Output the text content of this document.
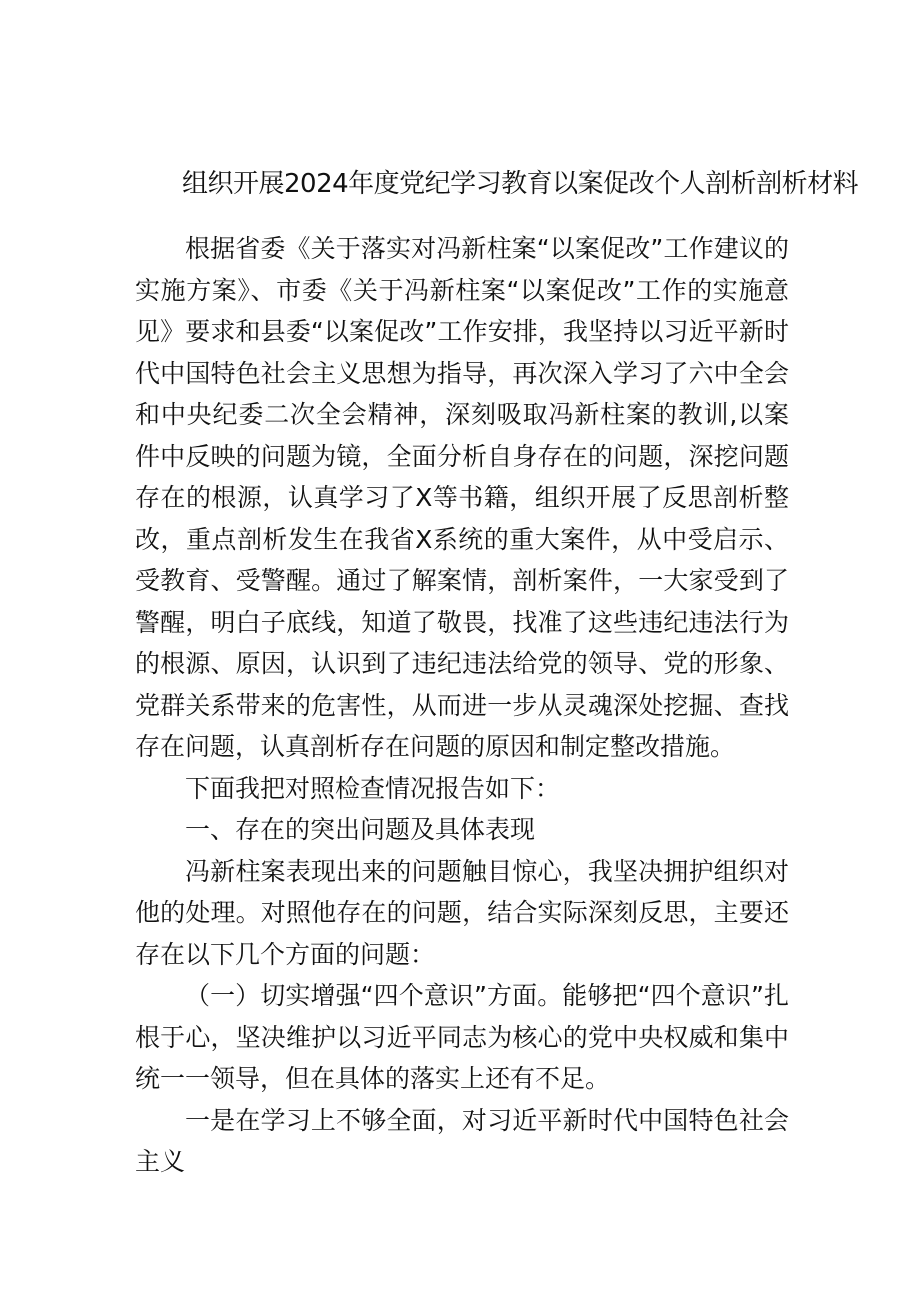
组织开展2024年度党纪学习教育以案促改个人剖析剖析材料

根据省委《关于落实对冯新柱案“以案促改”工作建议的实施方案》、市委《关于冯新柱案“以案促改”工作的实施意见》要求和县委“以案促改”工作安排，我坚持以习近平新时代中国特色社会主义思想为指导，再次深入学习了六中全会和中央纪委二次全会精神，深刻吸取冯新柱案的教训,以案件中反映的问题为镜，全面分析自身存在的问题，深挖问题存在的根源，认真学习了X等书籍，组织开展了反思剖析整改，重点剖析发生在我省X系统的重大案件，从中受启示、受教育、受警醒。通过了解案情，剖析案件，一大家受到了警醒，明白子底线，知道了敬畏，找准了这些违纪违法行为的根源、原因，认识到了违纪违法给党的领导、党的形象、党群关系带来的危害性，从而进一步从灵魂深处挖掘、查找存在问题，认真剖析存在问题的原因和制定整改措施。

下面我把对照检查情况报告如下：

一、存在的突出问题及具体表现

冯新柱案表现出来的问题触目惊心，我坚决拥护组织对他的处理。对照他存在的问题，结合实际深刻反思，主要还存在以下几个方面的问题：

（一）切实增强“四个意识”方面。能够把“四个意识”扎根于心，坚决维护以习近平同志为核心的党中央权威和集中统一一领导，但在具体的落实上还有不足。

一是在学习上不够全面，对习近平新时代中国特色社会主义
